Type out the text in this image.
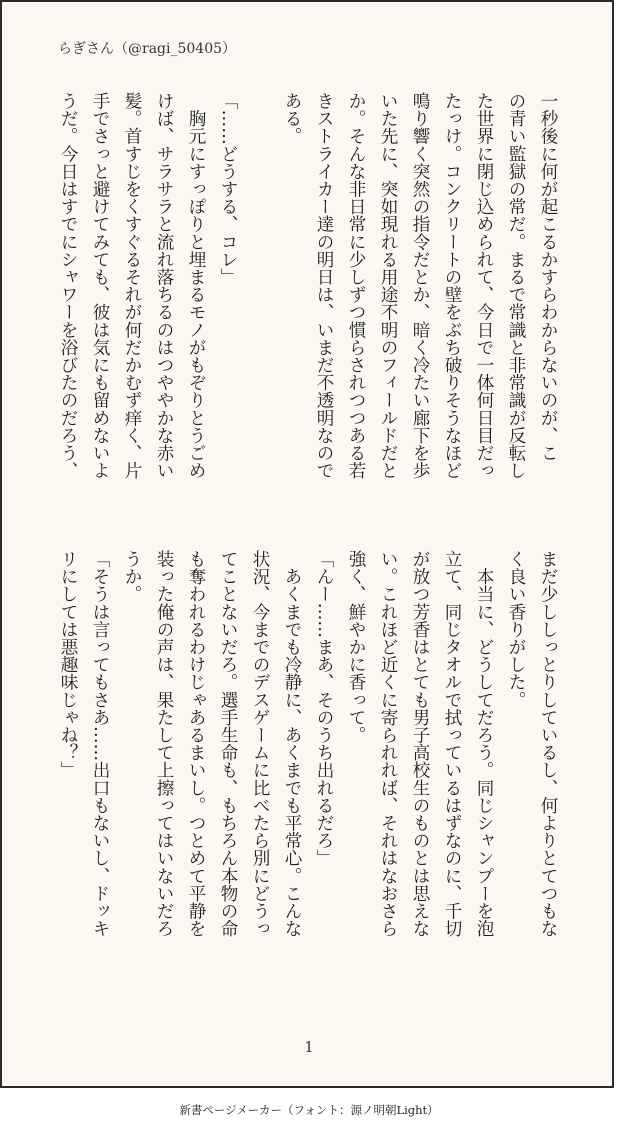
らぎさん（@ragi_50405）
一秒後に何が起こるかすらわからないのが、こ
の青い監獄の常だ。まるで常識と非常識が反転し
た世界に閉じ込められて、今日で一体何日目だっ
たっけ。コンクリートの壁をぶち破りそうなほど
鳴り響く突然の指令だとか、暗く冷たい廊下を歩
いた先に、突如現れる用途不明のフィールドだと
か。そんな非日常に少しずつ慣らされつつある若
きストライカー達の明日は、いまだ不透明なので
ある。

「……どうする、コレ」
　胸元にすっぽりと埋まるモノがもぞりとうごめ
けば、サラサラと流れ落ちるのはつややかな赤い
髪。首すじをくすぐるそれが何だかむず痒く、片
手でさっと避けてみても、彼は気にも留めないよ
うだ。今日はすでにシャワーを浴びたのだろう、
まだ少ししっとりしているし、何よりとてつもな
く良い香りがした。
　本当に、どうしてだろう。同じシャンプーを泡
立て、同じタオルで拭っているはずなのに、千切
が放つ芳香はとても男子高校生のものとは思えな
い。これほど近くに寄られれば、それはなおさら
強く、鮮やかに香って。
「んー……まあ、そのうち出れるだろ」
　あくまでも冷静に、あくまでも平常心。こんな
状況、今までのデスゲームに比べたら別にどうっ
てことないだろ。選手生命も、もちろん本物の命
も奪われるわけじゃあるまいし。つとめて平静を
装った俺の声は、果たして上擦ってはいないだろ
うか。
「そうは言ってもさあ……出口もないし、ドッキ
リにしては悪趣味じゃね？」
1
新書ページメーカー（フォント：源ノ明朝Light）
